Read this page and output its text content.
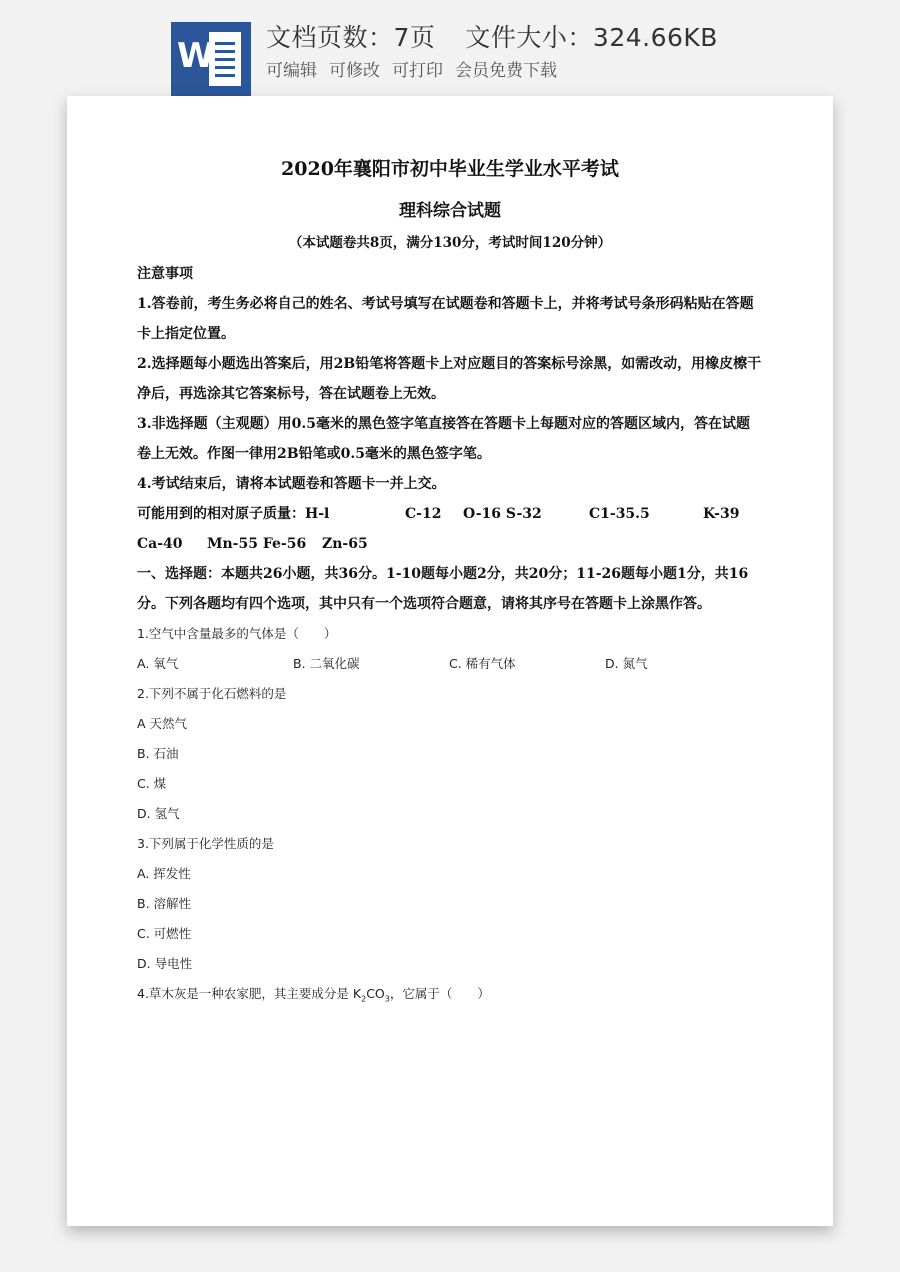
W 文档页数：7页 文件大小：324.66KB
可编辑 可修改 可打印 会员免费下载
2020年襄阳市初中毕业生学业水平考试
理科综合试题
（本试题卷共8页，满分130分，考试时间120分钟）

注意事项

1.答卷前，考生务必将自己的姓名、考试号填写在试题卷和答题卡上，并将考试号条形码粘贴在答题卡上指定位置。

2.选择题每小题选出答案后，用2B铅笔将答题卡上对应题目的答案标号涂黑，如需改动，用橡皮檫干净后，再选涂其它答案标号，答在试题卷上无效。

3.非选择题（主观题）用0.5毫米的黑色签字笔直接答在答题卡上每题对应的答题区域内，答在试题卷上无效。作图一律用2B铅笔或0.5毫米的黑色签字笔。

4.考试结束后，请将本试题卷和答题卡一并上交。

可能用到的相对原子质量：H-l	C-12 O-16 S-32	C1-35.5	K-39

Ca-40 Mn-55 Fe-56 Zn-65

一、选择题：本题共26小题，共36分。1-10题每小题2分，共20分；11-26题每小题1分，共16分。下列各题均有四个选项，其中只有一个选项符合题意，请将其序号在答题卡上涂黑作答。

1.空气中含量最多的气体是（　　）

A. 氧气	B. 二氧化碳	C. 稀有气体	D. 氮气

2.下列不属于化石燃料的是

A 天然气
B. 石油
C. 煤
D. 氢气

3.下列属于化学性质的是

A. 挥发性
B. 溶解性
C. 可燃性
D. 导电性

4.草木灰是一种农家肥，其主要成分是 $K_2CO_3$，它属于（　　）
